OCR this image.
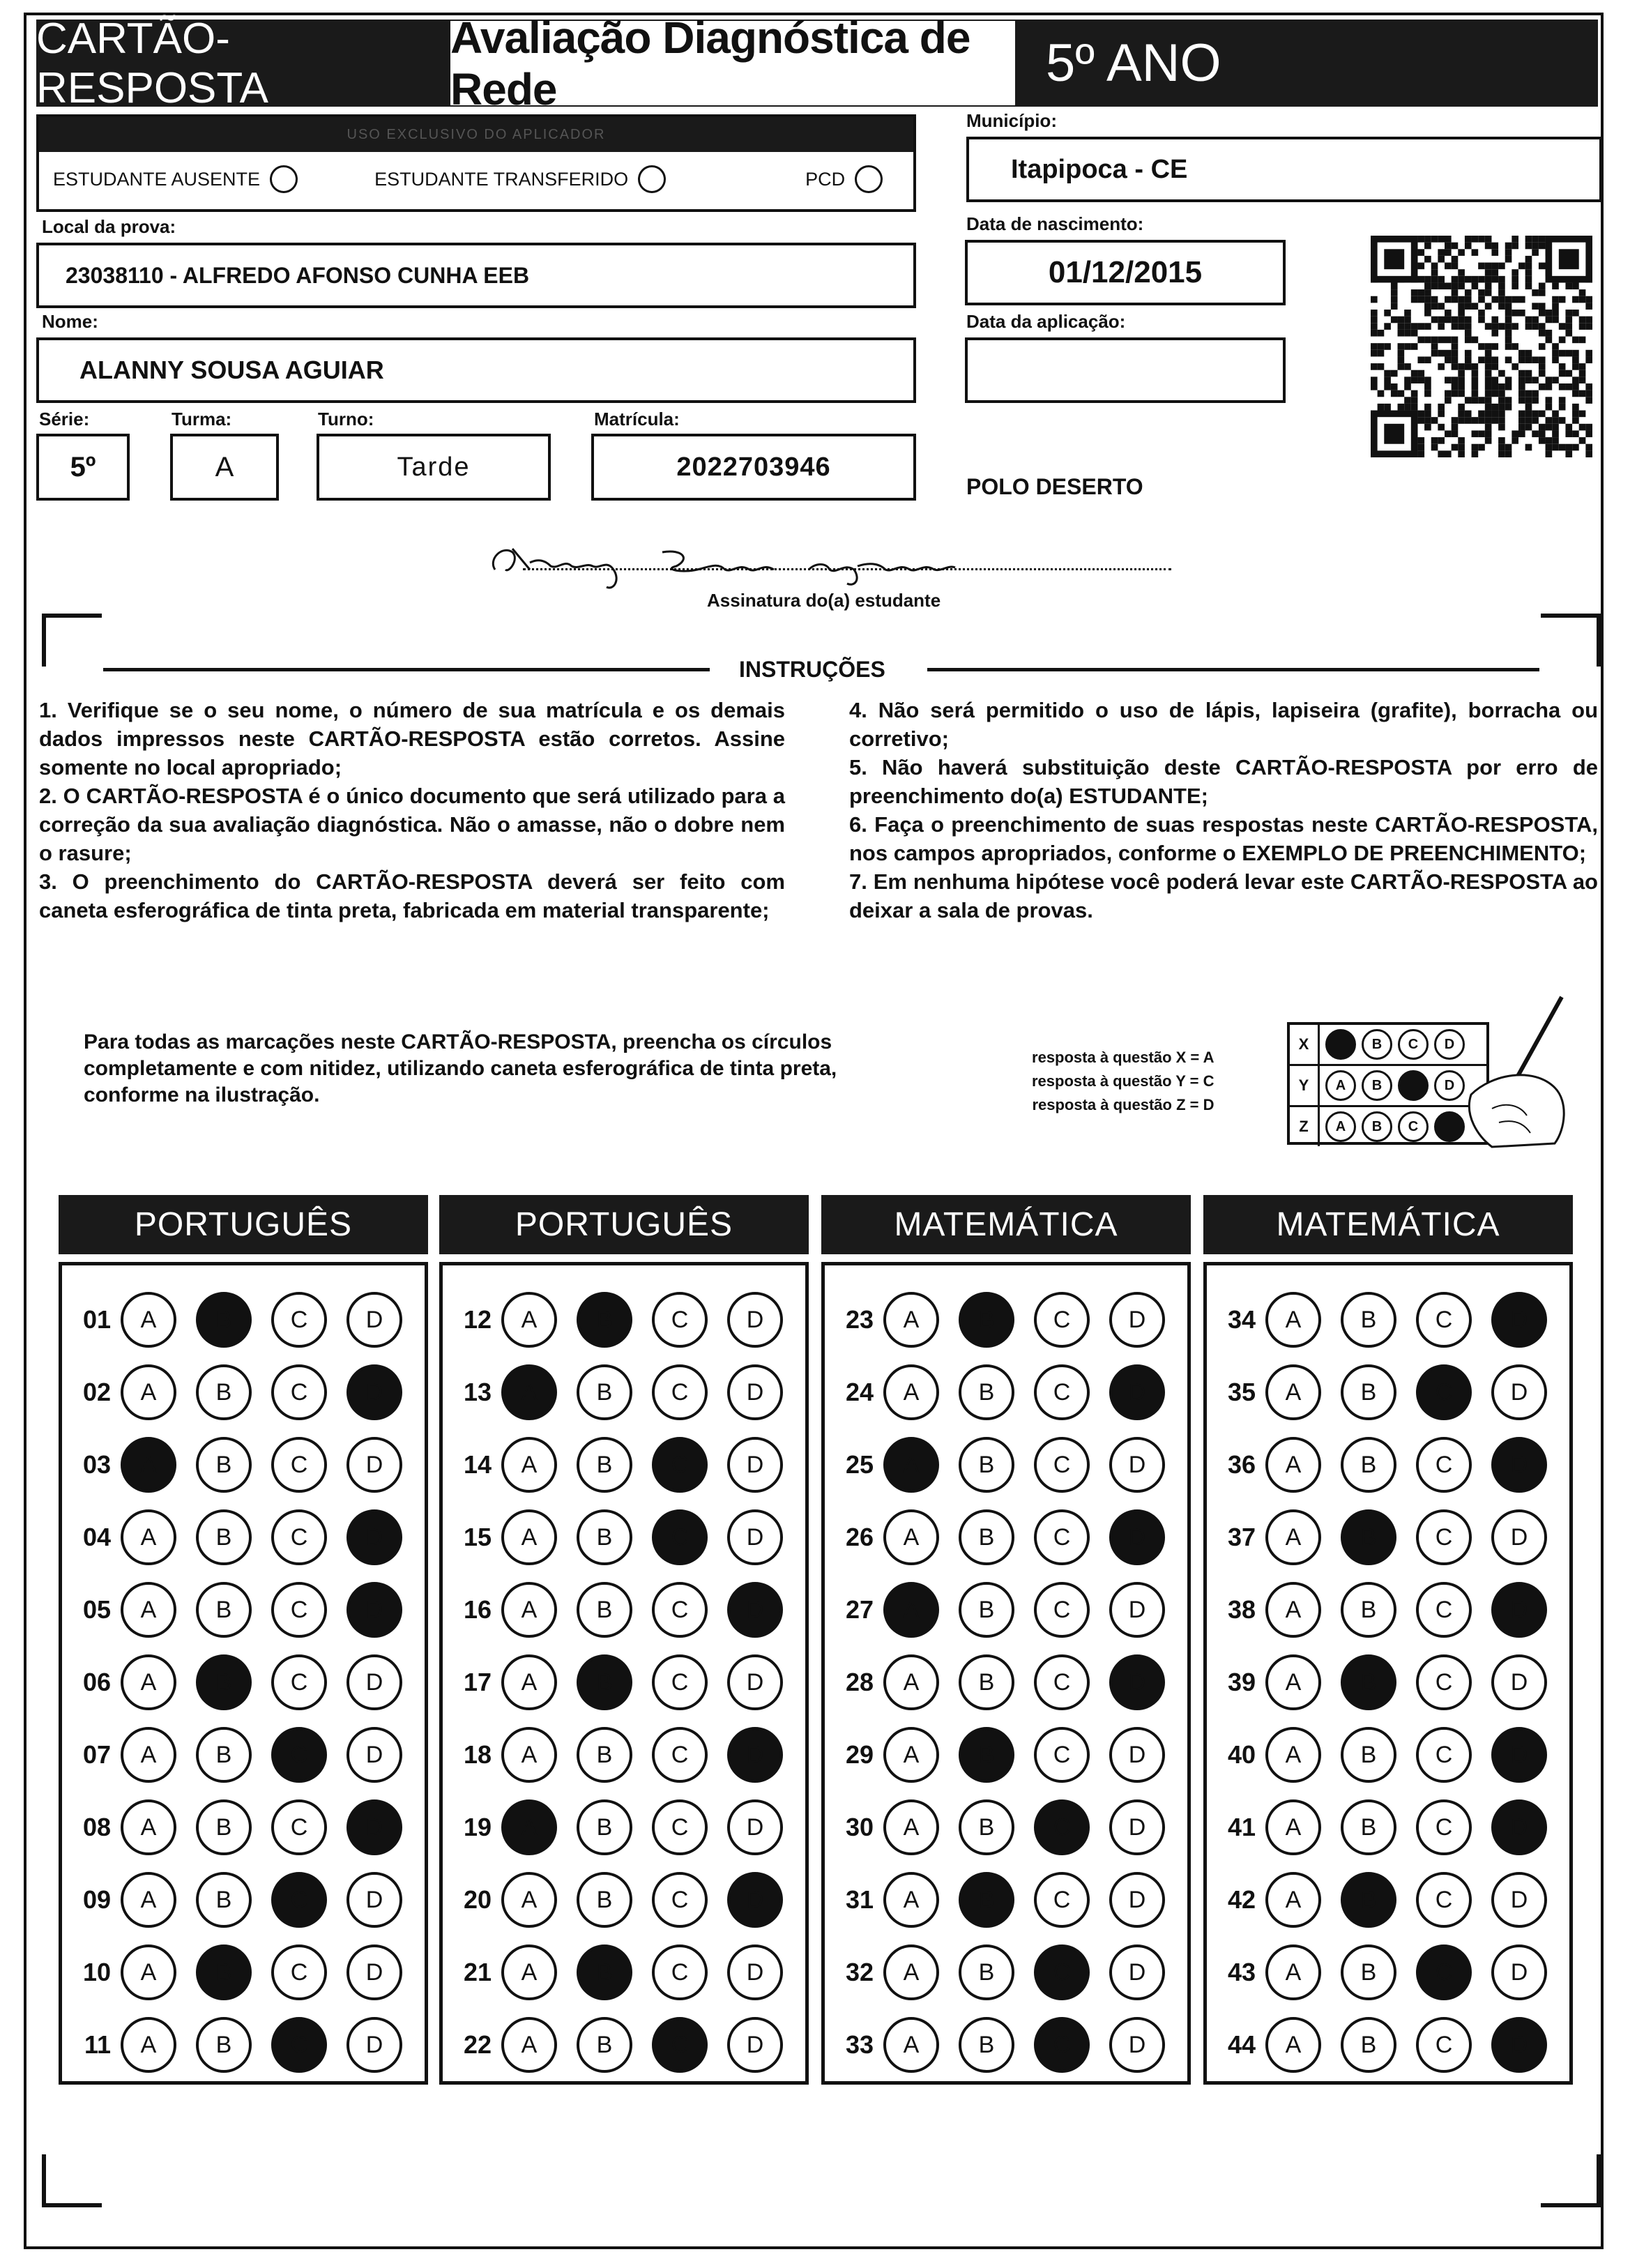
CARTÃO-RESPOSTA
Avaliação Diagnóstica de Rede	5º ANO
USO EXCLUSIVO DO APLICADOR
ESTUDANTE AUSENTE	ESTUDANTE TRANSFERIDO	PCD
Município:
Itapipoca - CE
Local da prova:
23038110 - ALFREDO AFONSO CUNHA EEB
Data de nascimento:
01/12/2015
Nome:
ALANNY SOUSA AGUIAR
Data da aplicação:
Série:
5º
Turma:
A
Turno:
Tarde
Matrícula:
2022703946
POLO DESERTO
Assinatura do(a) estudante
INSTRUÇÕES

1. Verifique se o seu nome, o número de sua matrícula e os demais dados impressos neste CARTÃO-RESPOSTA estão corretos. Assine somente no local apropriado;

2. O CARTÃO-RESPOSTA é o único documento que será utilizado para a correção da sua avaliação diagnóstica. Não o amasse, não o dobre nem o rasure;

3. O preenchimento do CARTÃO-RESPOSTA deverá ser feito com caneta esferográfica de tinta preta, fabricada em material transparente;

4. Não será permitido o uso de lápis, lapiseira (grafite), borracha ou corretivo;

5. Não haverá substituição deste CARTÃO-RESPOSTA por erro de preenchimento do(a) ESTUDANTE;

6. Faça o preenchimento de suas respostas neste CARTÃO-RESPOSTA, nos campos apropriados, conforme o EXEMPLO DE PREENCHIMENTO;

7. Em nenhuma hipótese você poderá levar este CARTÃO-RESPOSTA ao deixar a sala de provas.

Para todas as marcações neste CARTÃO-RESPOSTA, preencha os círculos completamente e com nitidez, utilizando caneta esferográfica de tinta preta, conforme na ilustração.
resposta à questão X = A
resposta à questão Y = C
resposta à questão Z = D
X	B	C	D
Y	A	B	D
Z	A	B	C
PORTUGUÊS
01	A	B	C	D
02	A	B	C	D
03	A	B	C	D
04	A	B	C	D
05	A	B	C	D
06	A	B	C	D
07	A	B	C	D
08	A	B	C	D
09	A	B	C	D
10	A	B	C	D
11	A	B	C	D
PORTUGUÊS
12	A	B	C	D
13	A	B	C	D
14	A	B	C	D
15	A	B	C	D
16	A	B	C	D
17	A	B	C	D
18	A	B	C	D
19	A	B	C	D
20	A	B	C	D
21	A	B	C	D
22	A	B	C	D
MATEMÁTICA
23	A	B	C	D
24	A	B	C	D
25	A	B	C	D
26	A	B	C	D
27	A	B	C	D
28	A	B	C	D
29	A	B	C	D
30	A	B	C	D
31	A	B	C	D
32	A	B	C	D
33	A	B	C	D
MATEMÁTICA
34	A	B	C	D
35	A	B	C	D
36	A	B	C	D
37	A	B	C	D
38	A	B	C	D
39	A	B	C	D
40	A	B	C	D
41	A	B	C	D
42	A	B	C	D
43	A	B	C	D
44	A	B	C	D
